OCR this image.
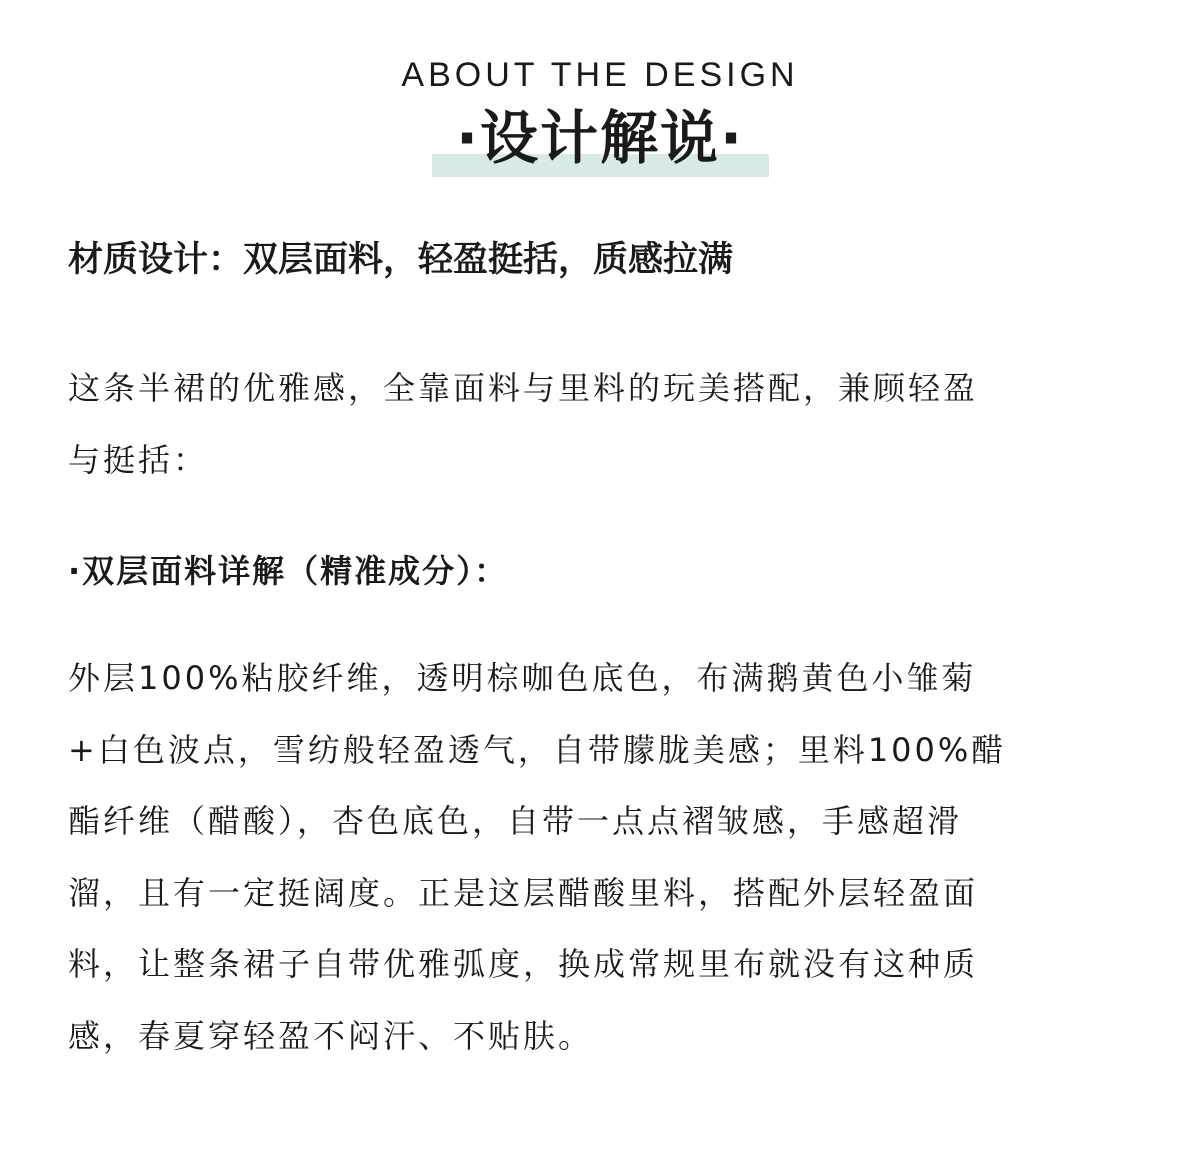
ABOUT THE DESIGN
·设计解说·
材质设计：双层面料，轻盈挺括，质感拉满
这条半裙的优雅感，全靠面料与里料的玩美搭配，兼顾轻盈
与挺括：
·双层面料详解（精准成分）：
外层100%粘胶纤维，透明棕咖色底色，布满鹅黄色小雏菊
+白色波点，雪纺般轻盈透气，自带朦胧美感；里料100%醋
酯纤维（醋酸），杏色底色，自带一点点褶皱感，手感超滑
溜，且有一定挺阔度。正是这层醋酸里料，搭配外层轻盈面
料，让整条裙子自带优雅弧度，换成常规里布就没有这种质
感，春夏穿轻盈不闷汗、不贴肤。
